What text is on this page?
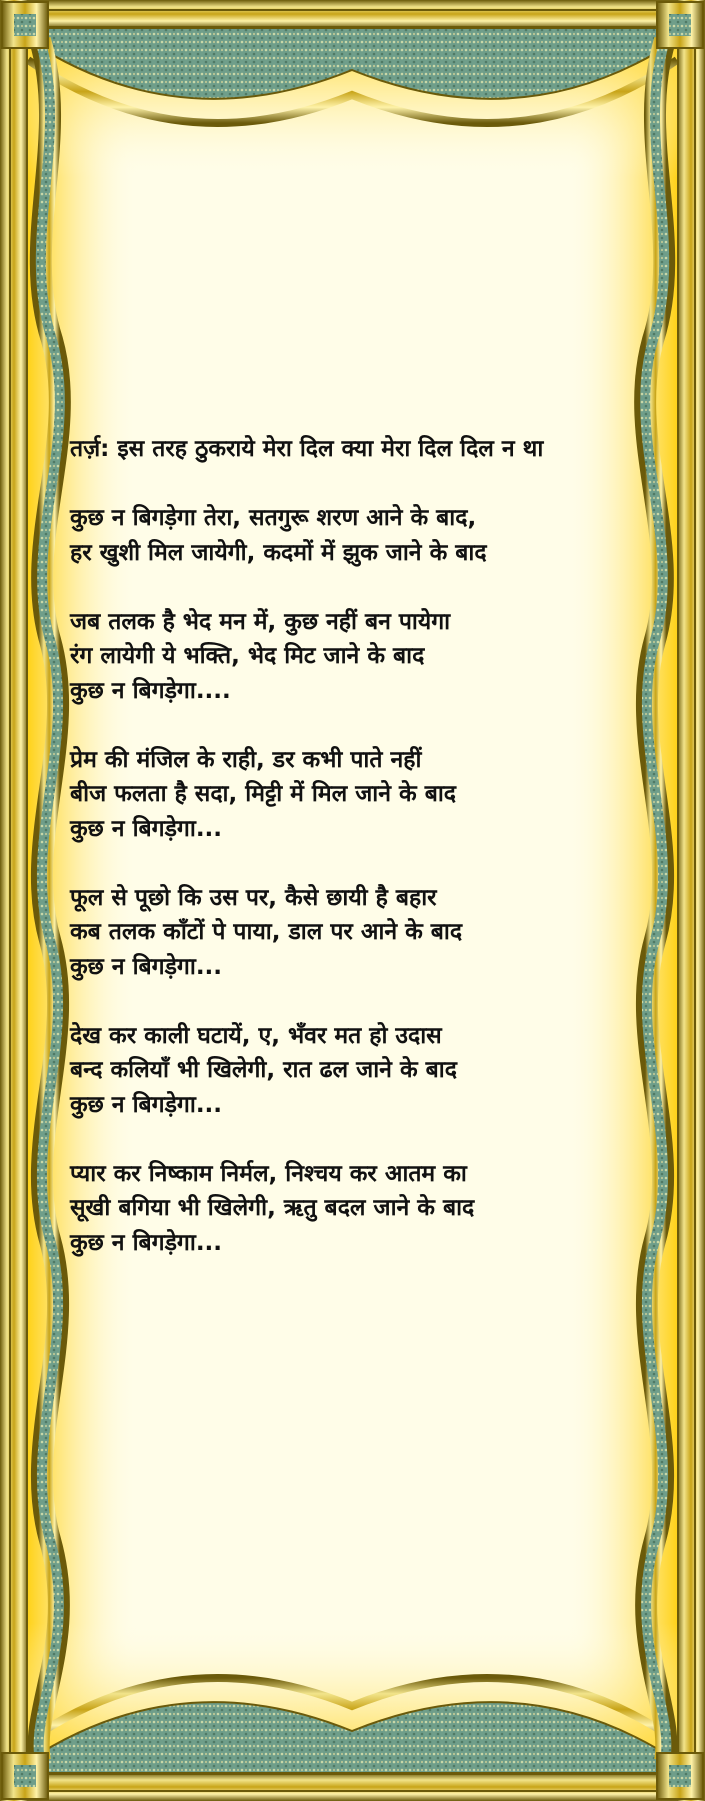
तर्ज़: इस तरह ठुकराये मेरा दिल क्या मेरा दिल दिल न था
कुछ न बिगड़ेगा तेरा, सतगुरू शरण आने के बाद,
हर खुशी मिल जायेगी, कदमों में झुक जाने के बाद
जब तलक है भेद मन में, कुछ नहीं बन पायेगा
रंग लायेगी ये भक्ति, भेद मिट जाने के बाद
कुछ न बिगड़ेगा....
प्रेम की मंजिल के राही, डर कभी पाते नहीं
बीज फलता है सदा, मिट्टी में मिल जाने के बाद
कुछ न बिगड़ेगा...
फूल से पूछो कि उस पर, कैसे छायी है बहार
कब तलक काँटों पे पाया, डाल पर आने के बाद
कुछ न बिगड़ेगा...
देख कर काली घटायें, ए, भँवर मत हो उदास
बन्द कलियाँ भी खिलेगी, रात ढल जाने के बाद
कुछ न बिगड़ेगा...
प्यार कर निष्काम निर्मल, निश्चय कर आतम का
सूखी बगिया भी खिलेगी, ऋतु बदल जाने के बाद
कुछ न बिगड़ेगा...
